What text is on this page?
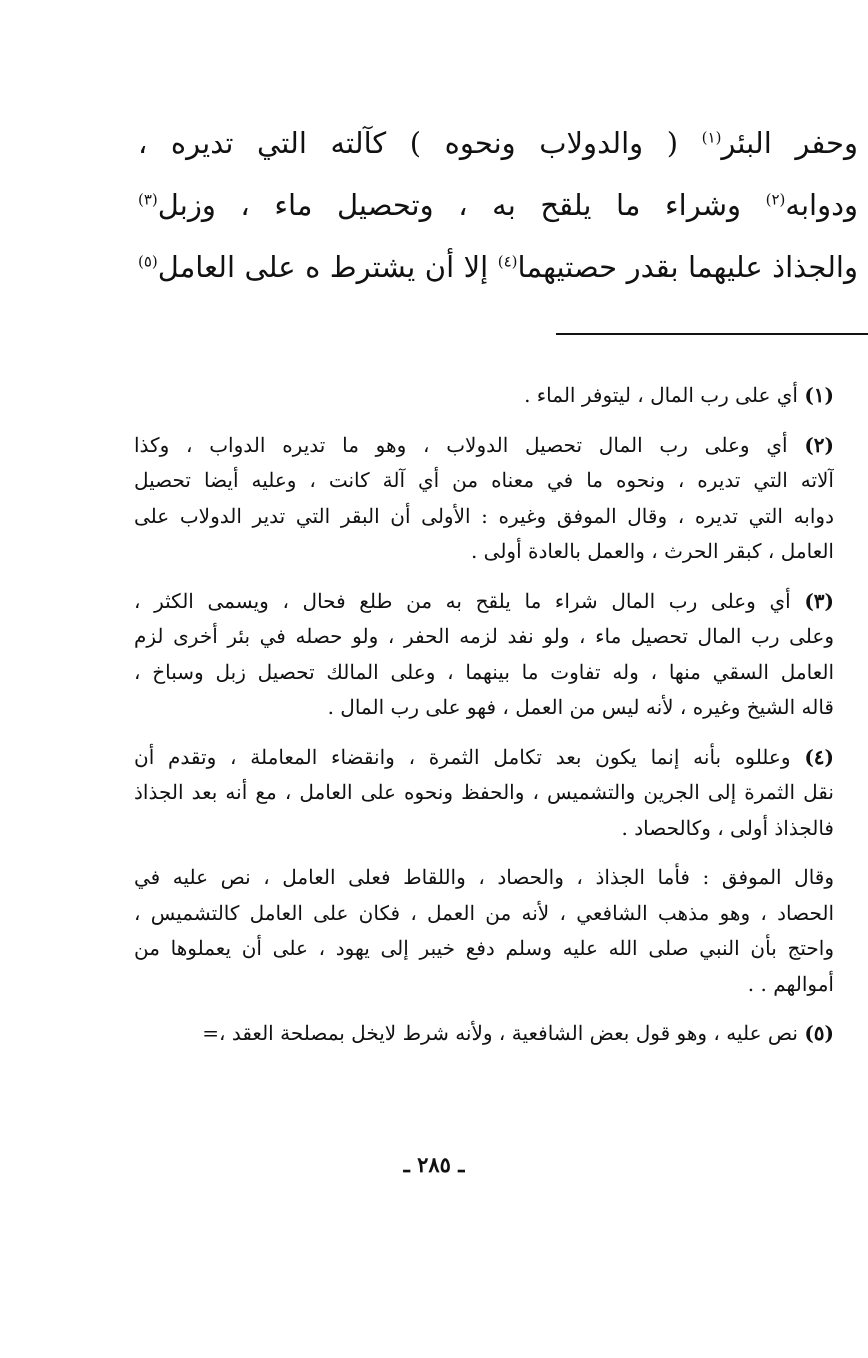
وحفر البئر$^{(١)}$ ( والدولاب ونحوه ) كآلته التي تديره ،
ودوابه$^{(٢)}$ وشراء ما يلقح به ، وتحصيل ماء ، وزبل$^{(٣)}$
والجذاذ عليهما بقدر حصتيهما$^{(٤)}$ إلا أن يشترط ه على العامل$^{(٥)}$
(١) أي على رب المال ، ليتوفر الماء .
(٢) أي وعلى رب المال تحصيل الدولاب ، وهو ما تديره الدواب ، وكذا
آلاته التي تديره ، ونحوه ما في معناه من أي آلة كانت ، وعليه أيضا تحصيل
دوابه التي تديره ، وقال الموفق وغيره : الأولى أن البقر التي تدير الدولاب على
العامل ، كبقر الحرث ، والعمل بالعادة أولى .
(٣) أي وعلى رب المال شراء ما يلقح به من طلع فحال ، ويسمى الكثر ،
وعلى رب المال تحصيل ماء ، ولو نفد لزمه الحفر ، ولو حصله في بئر أخرى لزم
العامل السقي منها ، وله تفاوت ما بينهما ، وعلى المالك تحصيل زبل وسباخ ،
قاله الشيخ وغيره ، لأنه ليس من العمل ، فهو على رب المال .
(٤) وعللوه بأنه إنما يكون بعد تكامل الثمرة ، وانقضاء المعاملة ، وتقدم أن
نقل الثمرة إلى الجرين والتشميس ، والحفظ ونحوه على العامل ، مع أنه بعد الجذاذ
فالجذاذ أولى ، وكالحصاد .
وقال الموفق : فأما الجذاذ ، والحصاد ، واللقاط فعلى العامل ، نص عليه في
الحصاد ، وهو مذهب الشافعي ، لأنه من العمل ، فكان على العامل كالتشميس ،
واحتج بأن النبي صلى الله عليه وسلم دفع خيبر إلى يهود ، على أن يعملوها من
أموالهم . .
(٥) نص عليه ، وهو قول بعض الشافعية ، ولأنه شرط لايخل بمصلحة العقد ،=
ـ ٢٨٥ ـ
